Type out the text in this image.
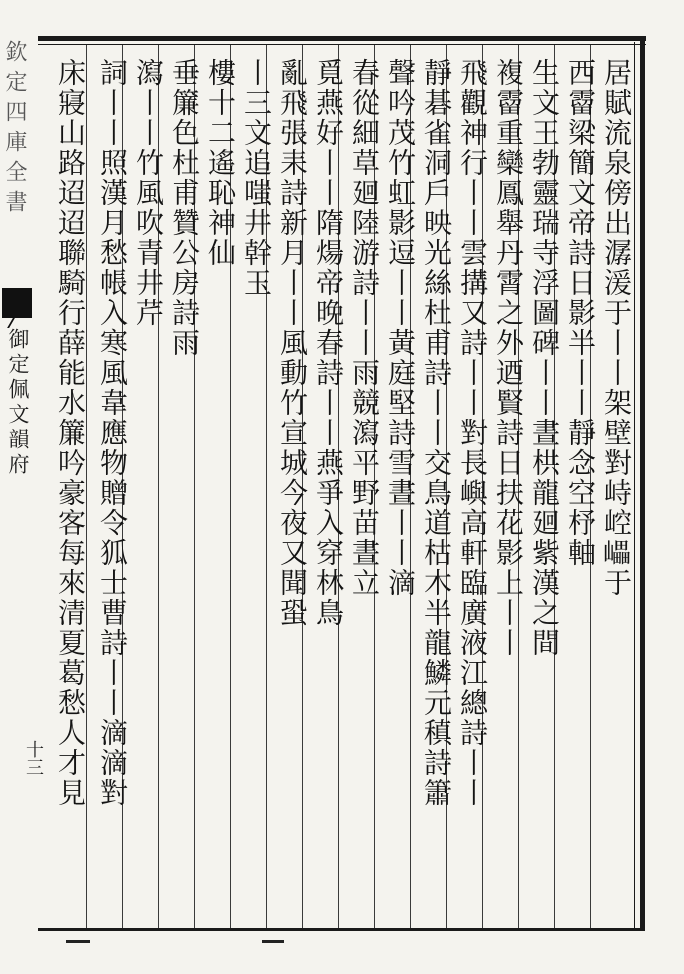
欽定四庫全書
御定佩文韻府
十三
居賦流泉傍出潺湲于丨丨架壁對峙崆𡾊于
西霤梁簡文帝詩日影半丨丨靜念空杼軸
生文王勃靈瑞寺浮圖碑丨丨晝栱龍廻紫漢之間
複霤重欒鳳舉丹霄之外迺賢詩日扶花影上丨丨
飛觀神行丨丨雲搆又詩丨丨對長嶼高軒臨廣液江總詩丨丨
靜碁雀洞戶映光絲杜甫詩丨丨交鳥道枯木半龍鱗元稹詩簫
聲吟茂竹虹影逗丨丨黃庭堅詩雪晝丨丨滴
春從細草廻陸游詩丨丨雨競瀉平野苗晝立
覓燕好丨丨隋煬帝晚春詩丨丨燕爭入穿林鳥
亂飛張耒詩新月丨丨風動竹宣城今夜又聞蛩
丨三文追嗤井幹玉
樓十二遙恥神仙
垂簾色杜甫贊公房詩雨
瀉丨丨竹風吹青井芹
詞丨丨照漢月愁帳入寒風韋應物贈令狐士曹詩丨丨滴滴對
床寢山路迢迢聯騎行薛能水簾吟豪客每來清夏葛愁人才見
